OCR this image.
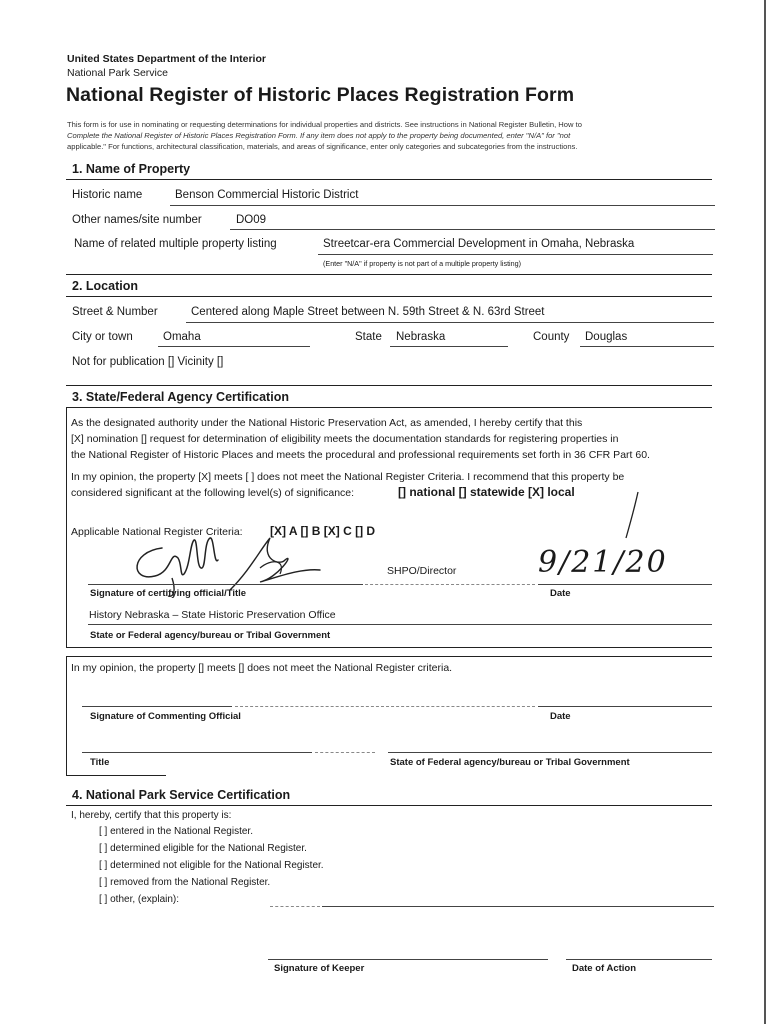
United States Department of the Interior
National Park Service
National Register of Historic Places Registration Form
This form is for use in nominating or requesting determinations for individual properties and districts. See instructions in National Register Bulletin, How to
Complete the National Register of Historic Places Registration Form. If any item does not apply to the property being documented, enter "N/A" for "not
applicable." For functions, architectural classification, materials, and areas of significance, enter only categories and subcategories from the instructions.
1. Name of Property
Historic name	Benson Commercial Historic District
Other names/site number	DO09
Name of related multiple property listing	Streetcar-era Commercial Development in Omaha, Nebraska
(Enter "N/A" if property is not part of a multiple property listing)
2. Location
Street & Number	Centered along Maple Street between N. 59th Street & N. 63rd Street
City or town	Omaha	State Nebraska	County Douglas
Not for publication [] Vicinity []
3. State/Federal Agency Certification
As the designated authority under the National Historic Preservation Act, as amended, I hereby certify that this
[X] nomination [] request for determination of eligibility meets the documentation standards for registering properties in
the National Register of Historic Places and meets the procedural and professional requirements set forth in 36 CFR Part 60.
In my opinion, the property [X] meets [ ] does not meet the National Register Criteria. I recommend that this property be
considered significant at the following level(s) of significance:	[] national [] statewide [X] local
Applicable National Register Criteria: [X] A [] B [X] C [] D
SHPO/Director	9/21/20
Signature of certifying official/Title	Date
History Nebraska – State Historic Preservation Office
State or Federal agency/bureau or Tribal Government
In my opinion, the property [] meets [] does not meet the National Register criteria.
Signature of Commenting Official	Date
Title	State of Federal agency/bureau or Tribal Government
4. National Park Service Certification
I, hereby, certify that this property is:
[ ] entered in the National Register.
[ ] determined eligible for the National Register.
[ ] determined not eligible for the National Register.
[ ] removed from the National Register.
[ ] other, (explain):
Signature of Keeper	Date of Action
